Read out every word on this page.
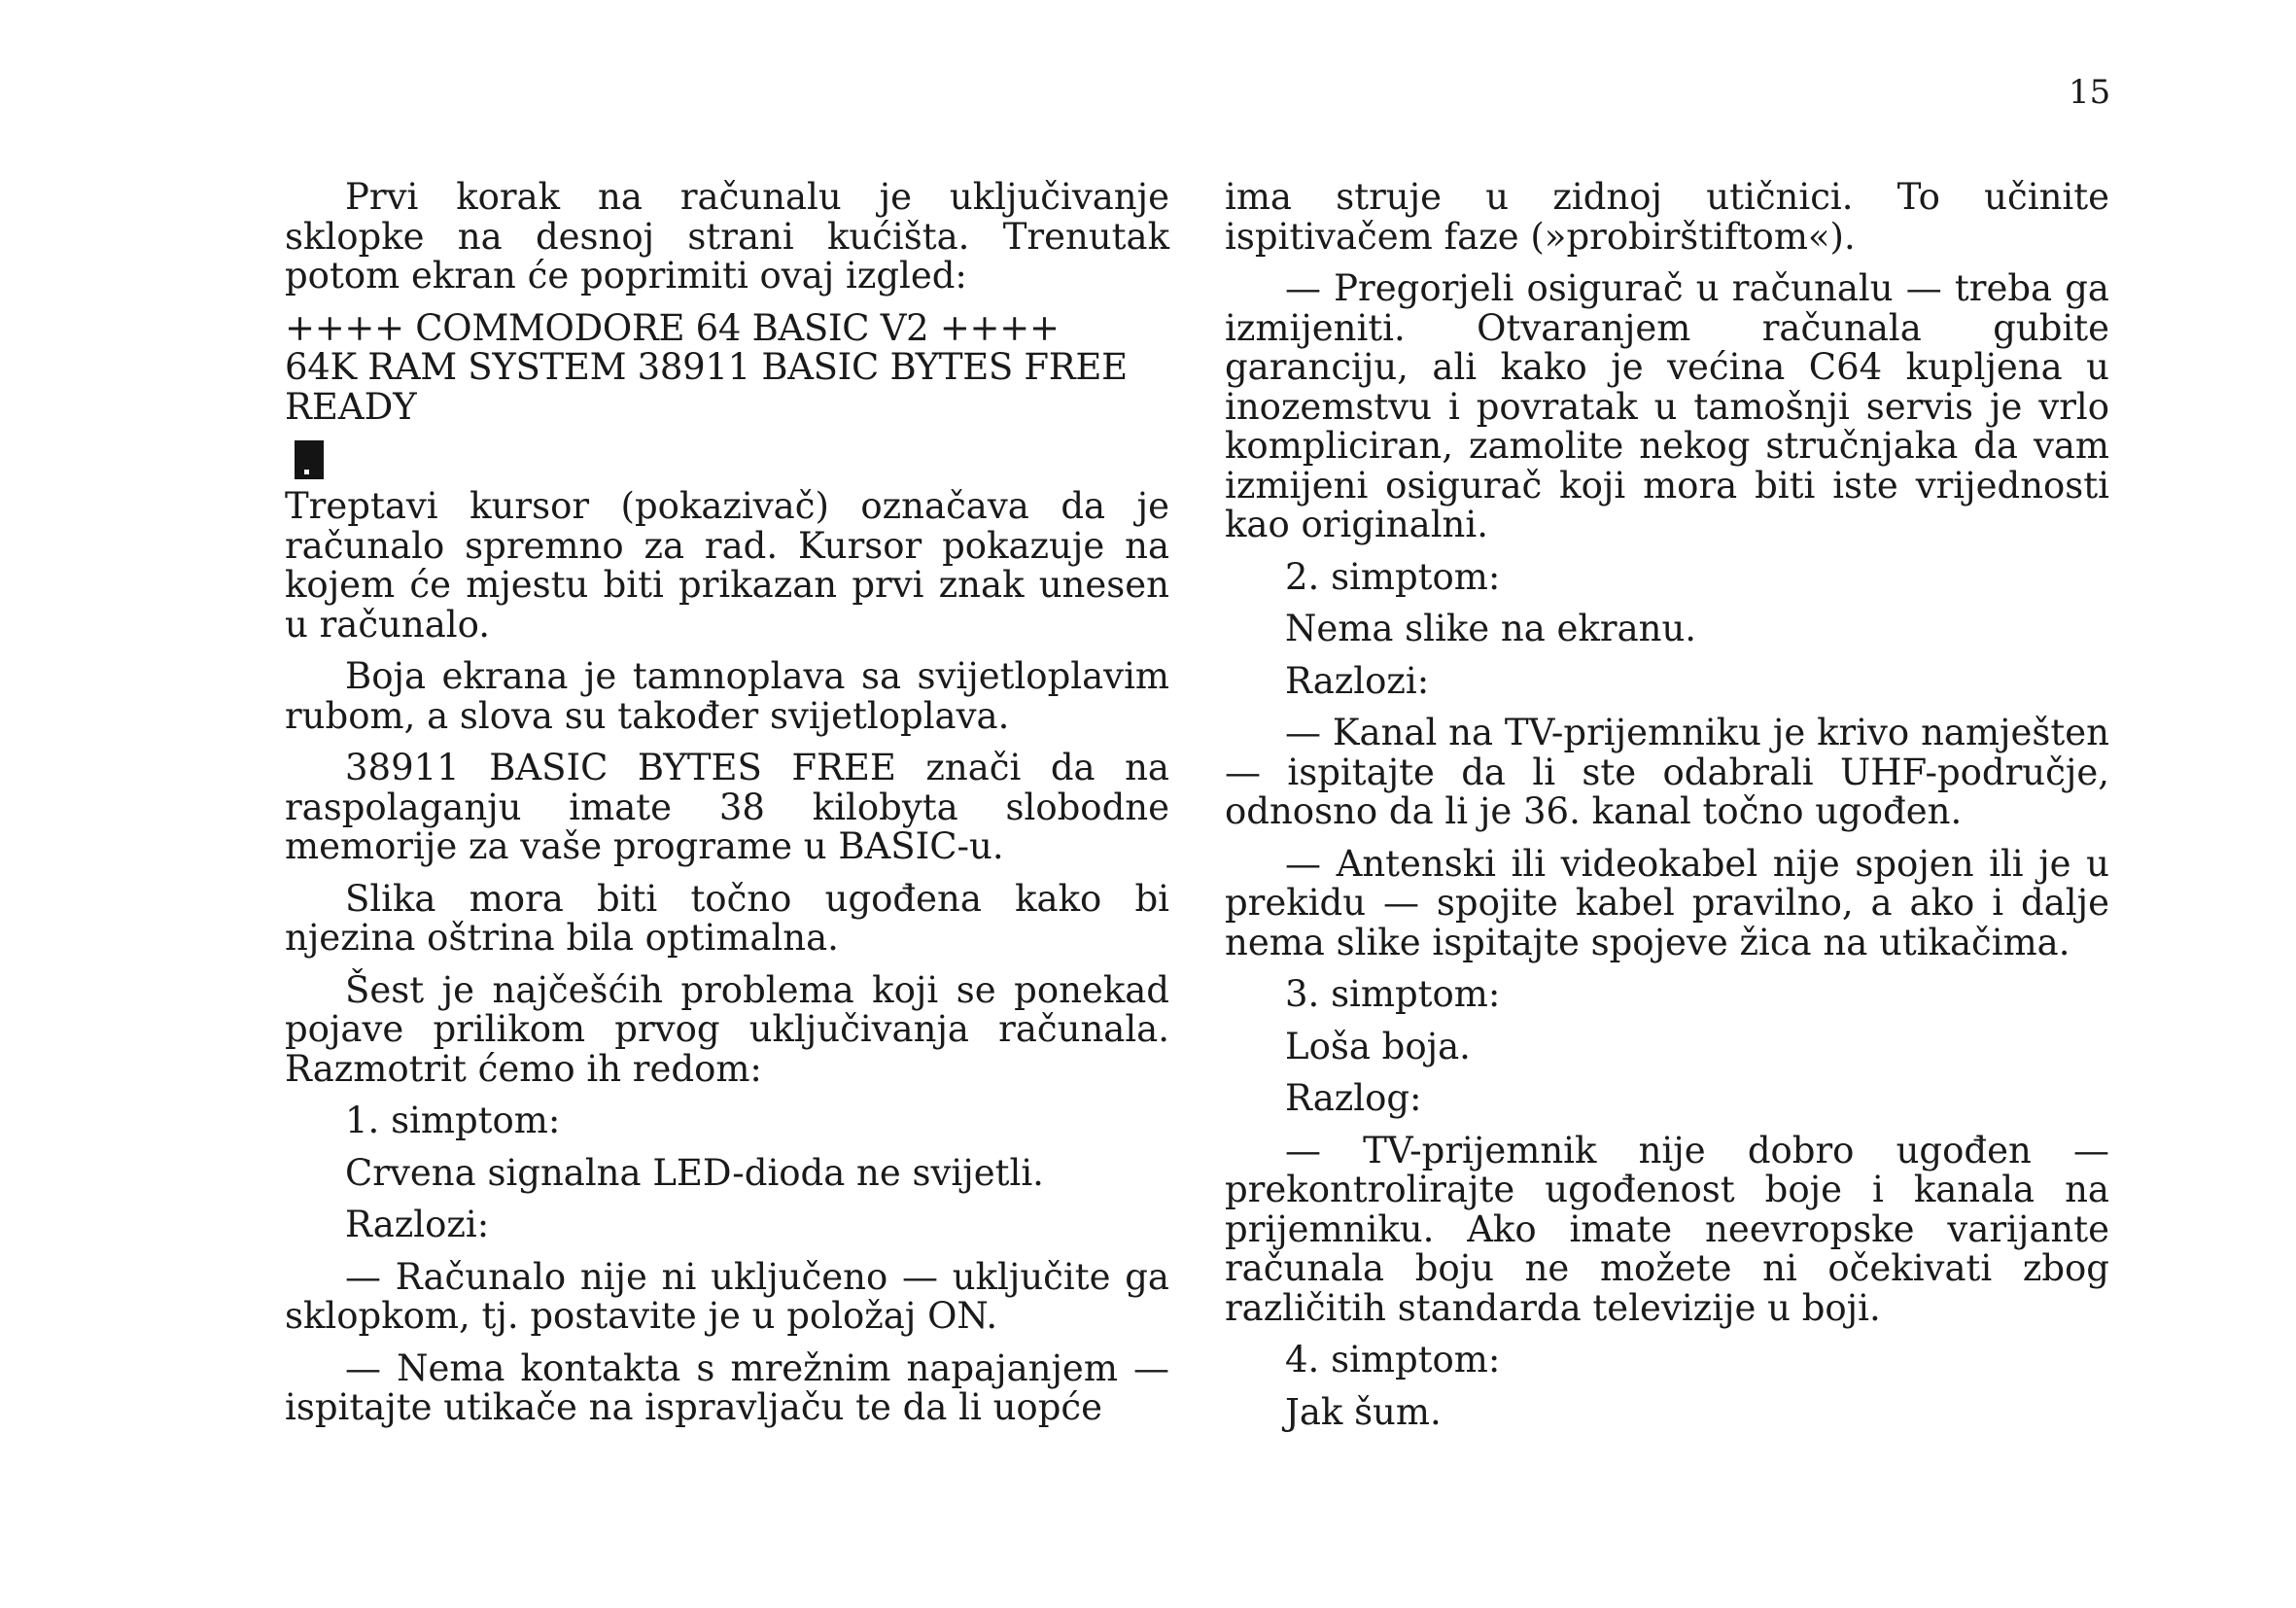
15

Prvi korak na računalu je uključivanje sklopke na desnoj strani kućišta. Trenutak potom ekran će poprimiti ovaj izgled:

++++ COMMODORE 64 BASIC V2 ++++

64K RAM SYSTEM 38911 BASIC BYTES FREE

READY

Treptavi kursor (pokazivač) označava da je računalo spremno za rad. Kursor pokazuje na kojem će mjestu biti prikazan prvi znak unesen u računalo.

Boja ekrana je tamnoplava sa svijetloplavim rubom, a slova su također svijetloplava.

38911 BASIC BYTES FREE znači da na raspolaganju imate 38 kilobyta slobodne memorije za vaše programe u BASIC-u.

Slika mora biti točno ugođena kako bi njezina oštrina bila optimalna.

Šest je najčešćih problema koji se ponekad pojave prilikom prvog uključivanja računala. Razmotrit ćemo ih redom:

1. simptom:

Crvena signalna LED-dioda ne svijetli.

Razlozi:

— Računalo nije ni uključeno — uključite ga sklopkom, tj. postavite je u položaj ON.

— Nema kontakta s mrežnim napajanjem — ispitajte utikače na ispravljaču te da li uopće

ima struje u zidnoj utičnici. To učinite ispitivačem faze (»probirštiftom«).

— Pregorjeli osigurač u računalu — treba ga izmijeniti. Otvaranjem računala gubite garanciju, ali kako je većina C64 kupljena u inozemstvu i povratak u tamošnji servis je vrlo kompliciran, zamolite nekog stručnjaka da vam izmijeni osigurač koji mora biti iste vrijednosti kao originalni.

2. simptom:

Nema slike na ekranu.

Razlozi:

— Kanal na TV-prijemniku je krivo namješten — ispitajte da li ste odabrali UHF-područje, odnosno da li je 36. kanal točno ugođen.

— Antenski ili videokabel nije spojen ili je u prekidu — spojite kabel pravilno, a ako i dalje nema slike ispitajte spojeve žica na utikačima.

3. simptom:

Loša boja.

Razlog:

— TV-prijemnik nije dobro ugođen — prekontrolirajte ugođenost boje i kanala na prijemniku. Ako imate neevropske varijante računala boju ne možete ni očekivati zbog različitih standarda televizije u boji.

4. simptom:

Jak šum.
